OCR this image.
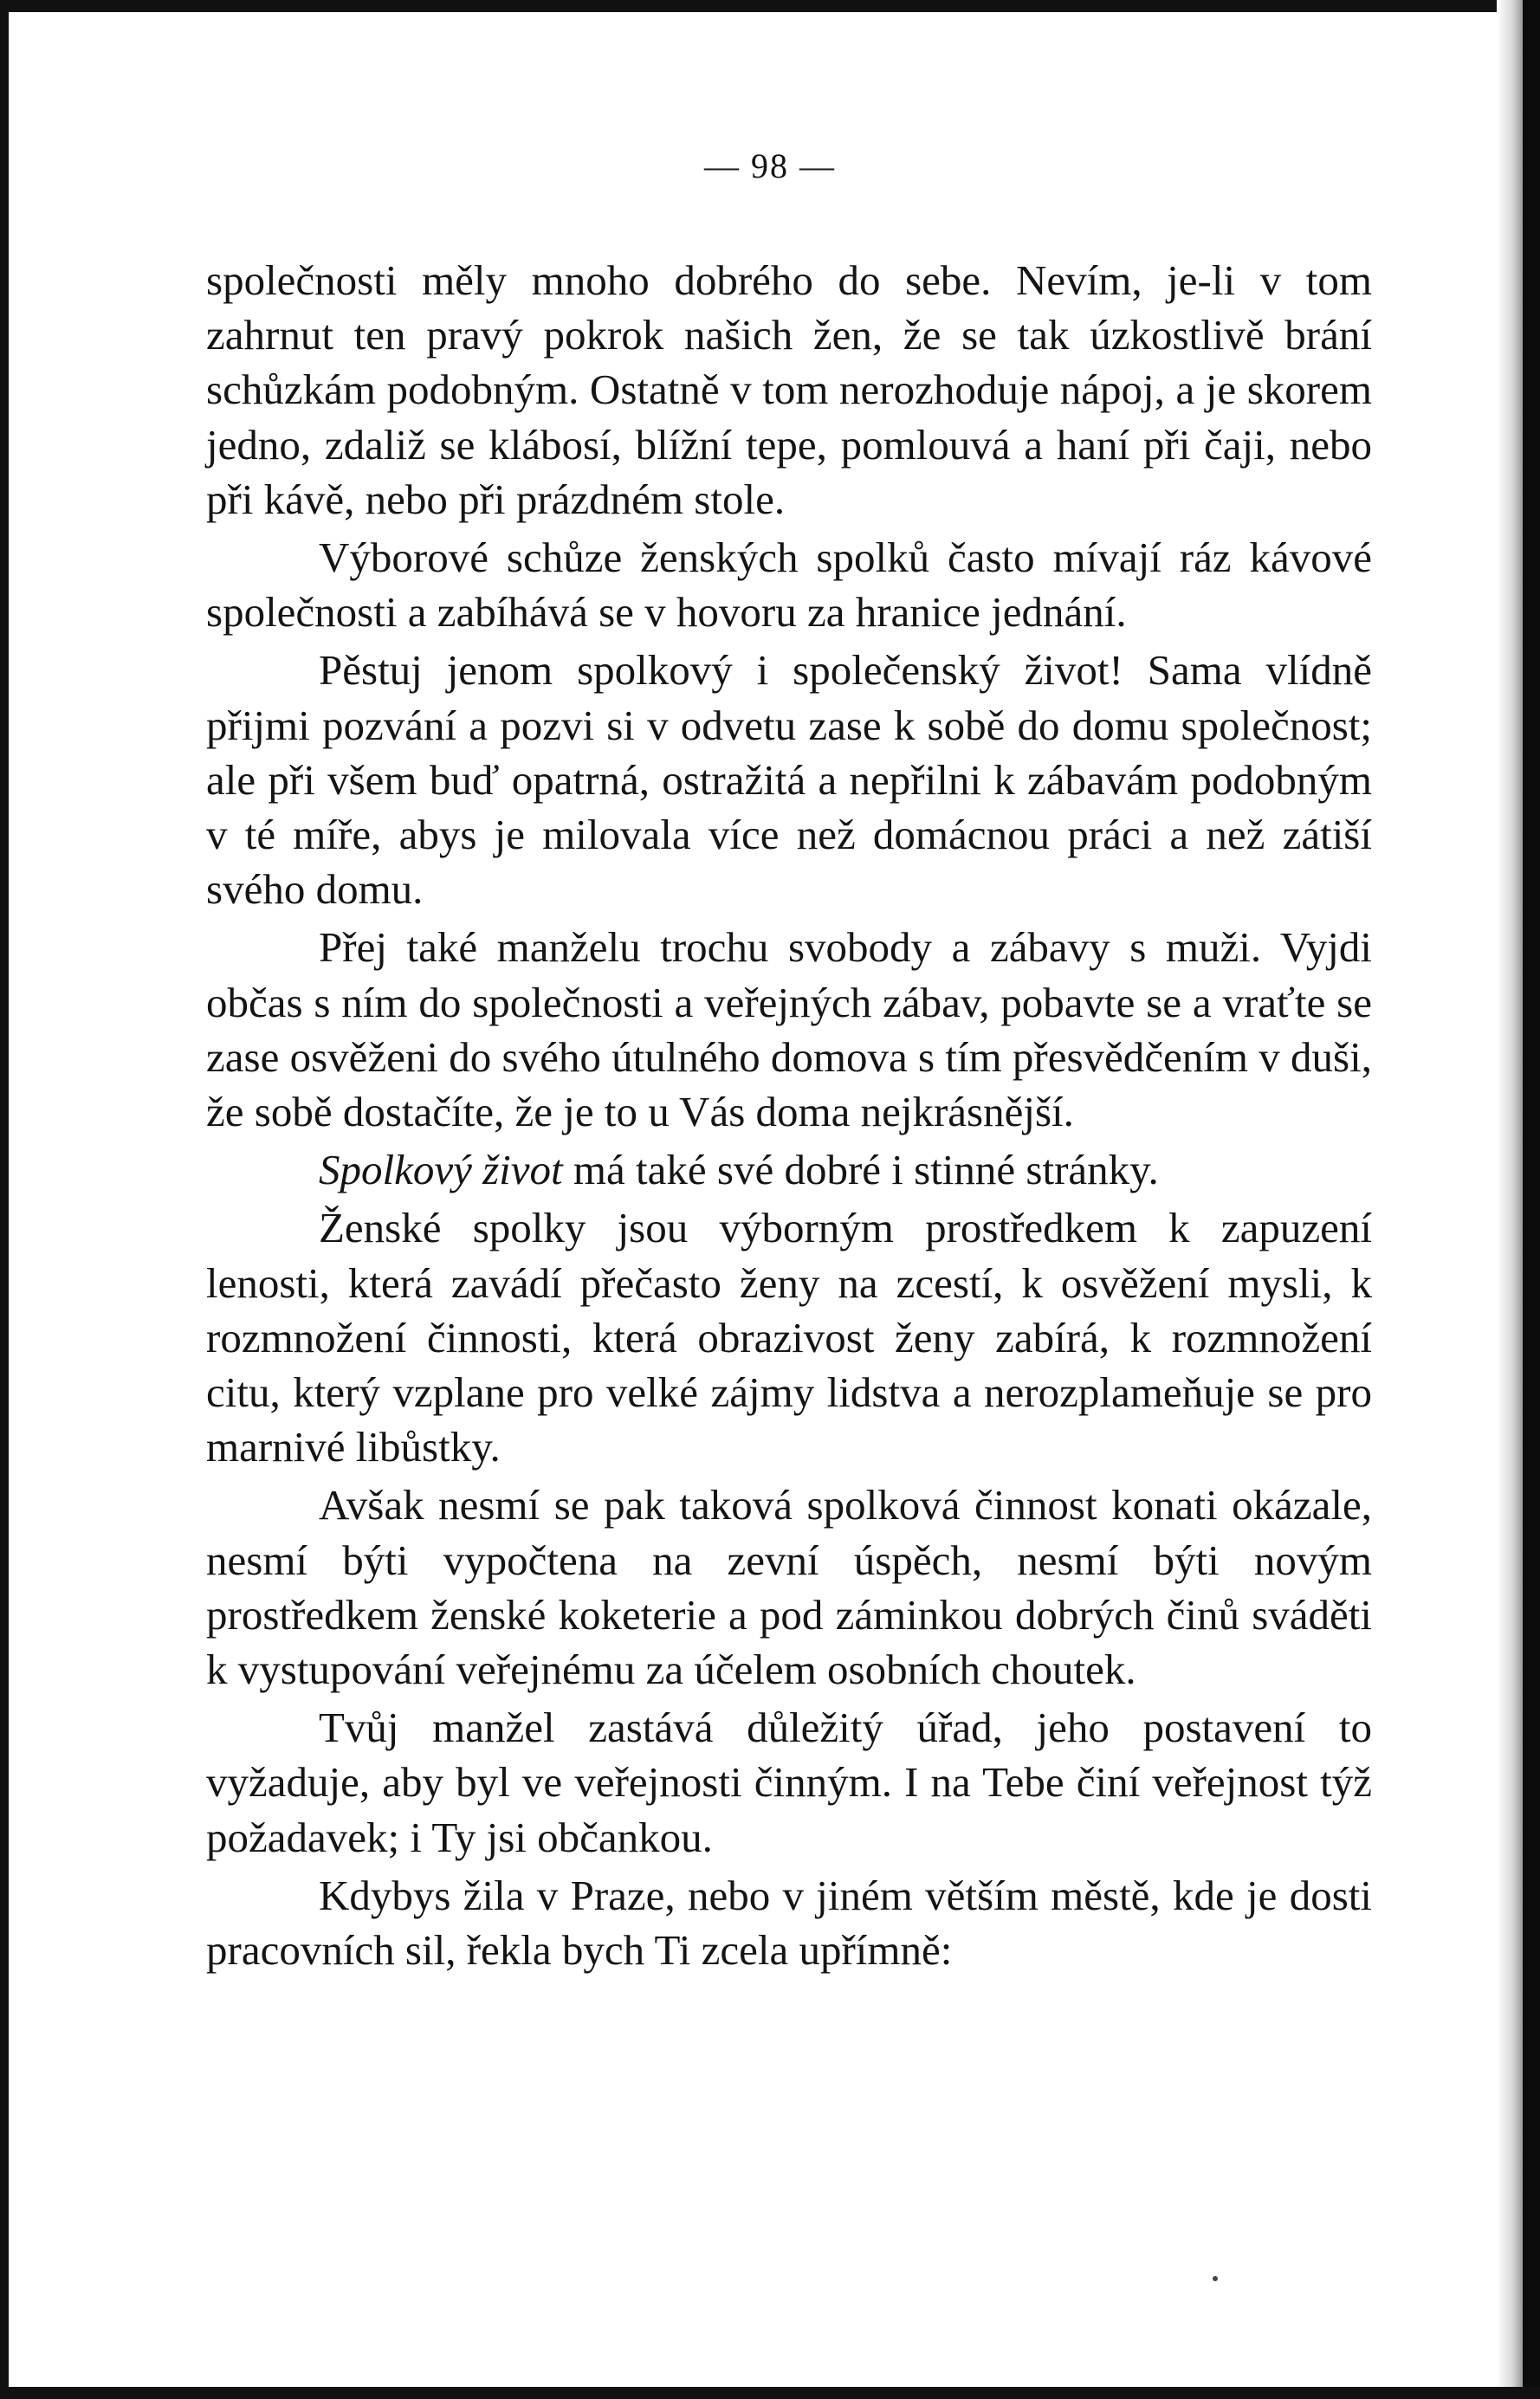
— 98 —

společnosti měly mnoho dobrého do sebe. Nevím, je-li v tom zahrnut ten pravý pokrok našich žen, že se tak úzkostlivě brání schůzkám podobným. Ostatně v tom nerozhoduje nápoj, a je skorem jedno, zdaliž se klábosí, blížní tepe, pomlouvá a haní při čaji, nebo při kávě, nebo při prázdném stole.

Výborové schůze ženských spolků často mívají ráz kávové společnosti a zabíhává se v hovoru za hranice jednání.

Pěstuj jenom spolkový i společenský život! Sama vlídně přijmi pozvání a pozvi si v odvetu zase k sobě do domu společnost; ale při všem buď opatrná, ostražitá a nepřilni k zábavám podobným v té míře, abys je milovala více než domácnou práci a než zátiší svého domu.

Přej také manželu trochu svobody a zábavy s muži. Vyjdi občas s ním do společnosti a veřejných zábav, pobavte se a vraťte se zase osvěženi do svého útulného domova s tím přesvědčením v duši, že sobě dostačíte, že je to u Vás doma nejkrásnější.

Spolkový život má také své dobré i stinné stránky.

Ženské spolky jsou výborným prostředkem k zapuzení lenosti, která zavádí přečasto ženy na zcestí, k osvěžení mysli, k rozmnožení činnosti, která obrazivost ženy zabírá, k rozmnožení citu, který vzplane pro velké zájmy lidstva a nerozplameňuje se pro marnivé libůstky.

Avšak nesmí se pak taková spolková činnost konati okázale, nesmí býti vypočtena na zevní úspěch, nesmí býti novým prostředkem ženské koketerie a pod záminkou dobrých činů sváděti k vystupování veřejnému za účelem osobních choutek.

Tvůj manžel zastává důležitý úřad, jeho postavení to vyžaduje, aby byl ve veřejnosti činným. I na Tebe činí veřejnost týž požadavek; i Ty jsi občankou.

Kdybys žila v Praze, nebo v jiném větším městě, kde je dosti pracovních sil, řekla bych Ti zcela upřímně:
